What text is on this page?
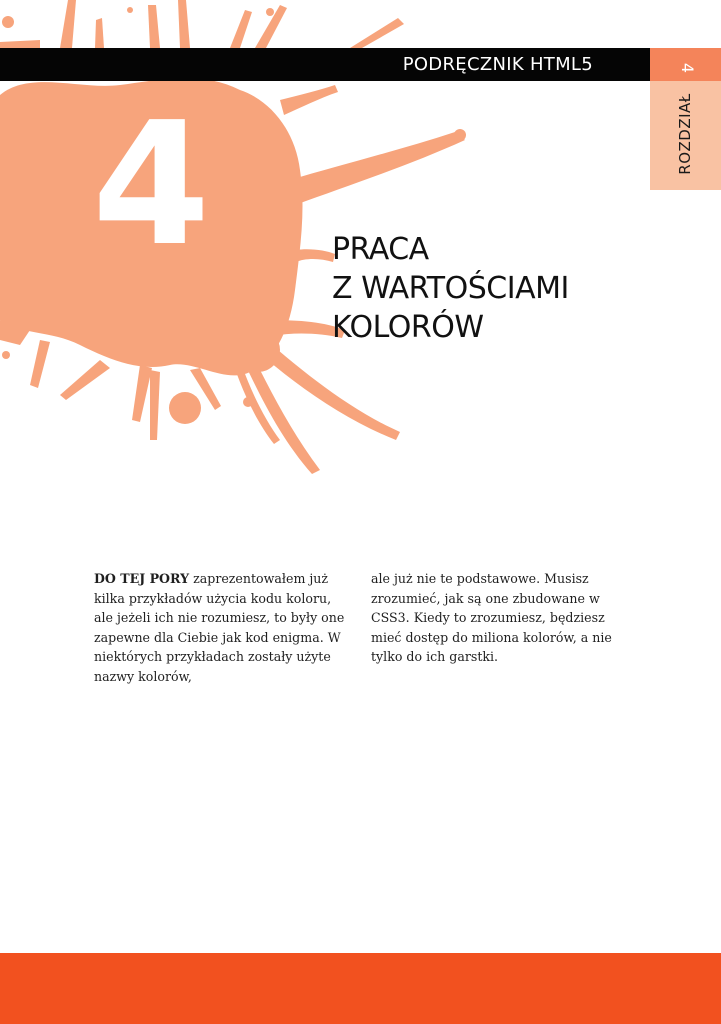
PODRĘCZNIK HTML5	4
ROZDZIAŁ
4	PRACA
Z WARTOŚCIAMI
KOLORÓW
DO TEJ PORY zaprezentowałem już kilka przykładów użycia kodu koloru, ale jeżeli ich nie rozumiesz, to były one zapewne dla Ciebie jak kod enigma. W niektórych przykładach zostały użyte nazwy kolorów,
ale już nie te podstawowe. Musisz zrozumieć, jak są one zbudowane w CSS3. Kiedy to zrozumiesz, będziesz mieć dostęp do miliona kolorów, a nie tylko do ich garstki.
